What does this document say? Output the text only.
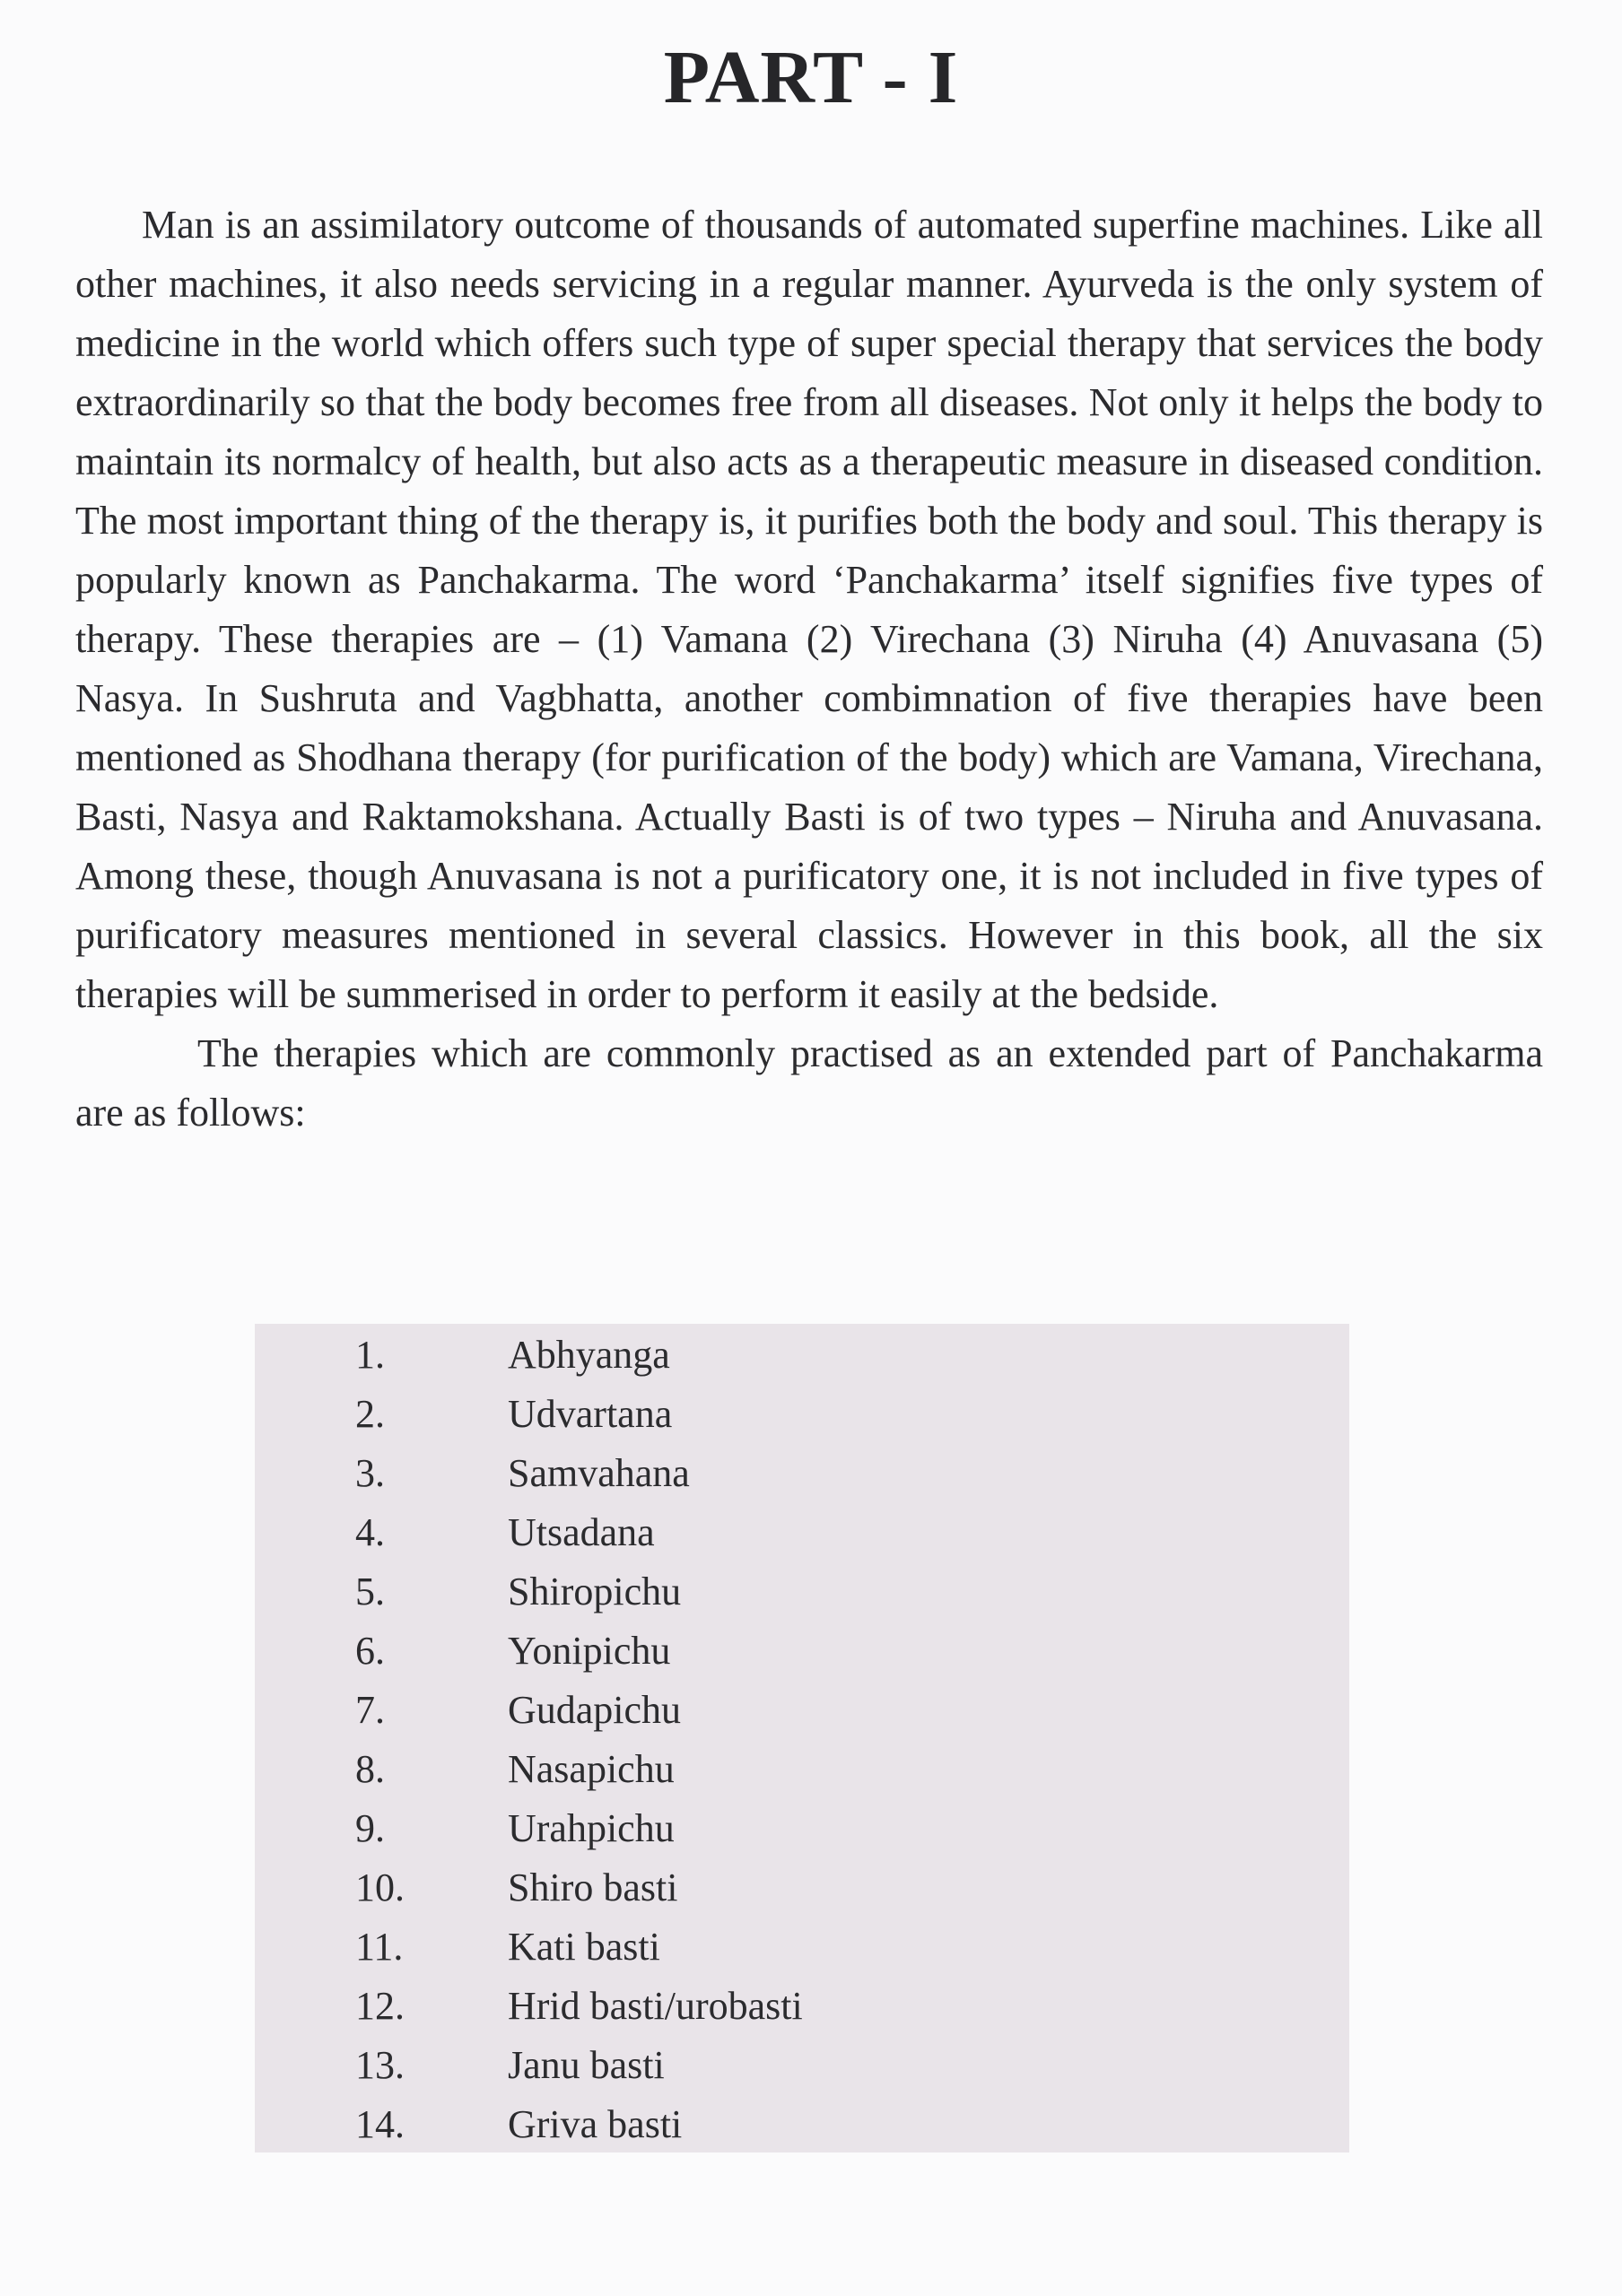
PART - I

Man is an assimilatory outcome of thousands of automated superfine machines. Like all other machines, it also needs servicing in a regular manner. Ayurveda is the only system of medicine in the world which offers such type of super special therapy that services the body extraordinarily so that the body becomes free from all diseases. Not only it helps the body to maintain its normalcy of health, but also acts as a therapeutic measure in diseased condition. The most important thing of the therapy is, it purifies both the body and soul. This therapy is popularly known as Panchakarma. The word ‘Panchakarma’ itself signifies five types of therapy. These therapies are – (1) Vamana (2) Virechana (3) Niruha (4) Anuvasana (5) Nasya. In Sushruta and Vagbhatta, another combimnation of five therapies have been mentioned as Shodhana therapy (for purification of the body) which are Vamana, Virechana, Basti, Nasya and Raktamokshana. Actually Basti is of two types – Niruha and Anuvasana. Among these, though Anuvasana is not a purificatory one, it is not included in five types of purificatory measures mentioned in several classics. However in this book, all the six therapies will be summerised in order to perform it easily at the bedside.

The therapies which are commonly practised as an extended part of Panchakarma are as follows:

1.	Abhyanga
2.	Udvartana
3.	Samvahana
4.	Utsadana
5.	Shiropichu
6.	Yonipichu
7.	Gudapichu
8.	Nasapichu
9.	Urahpichu
10.	Shiro basti
11.	Kati basti
12.	Hrid basti/urobasti
13.	Janu basti
14.	Griva basti
